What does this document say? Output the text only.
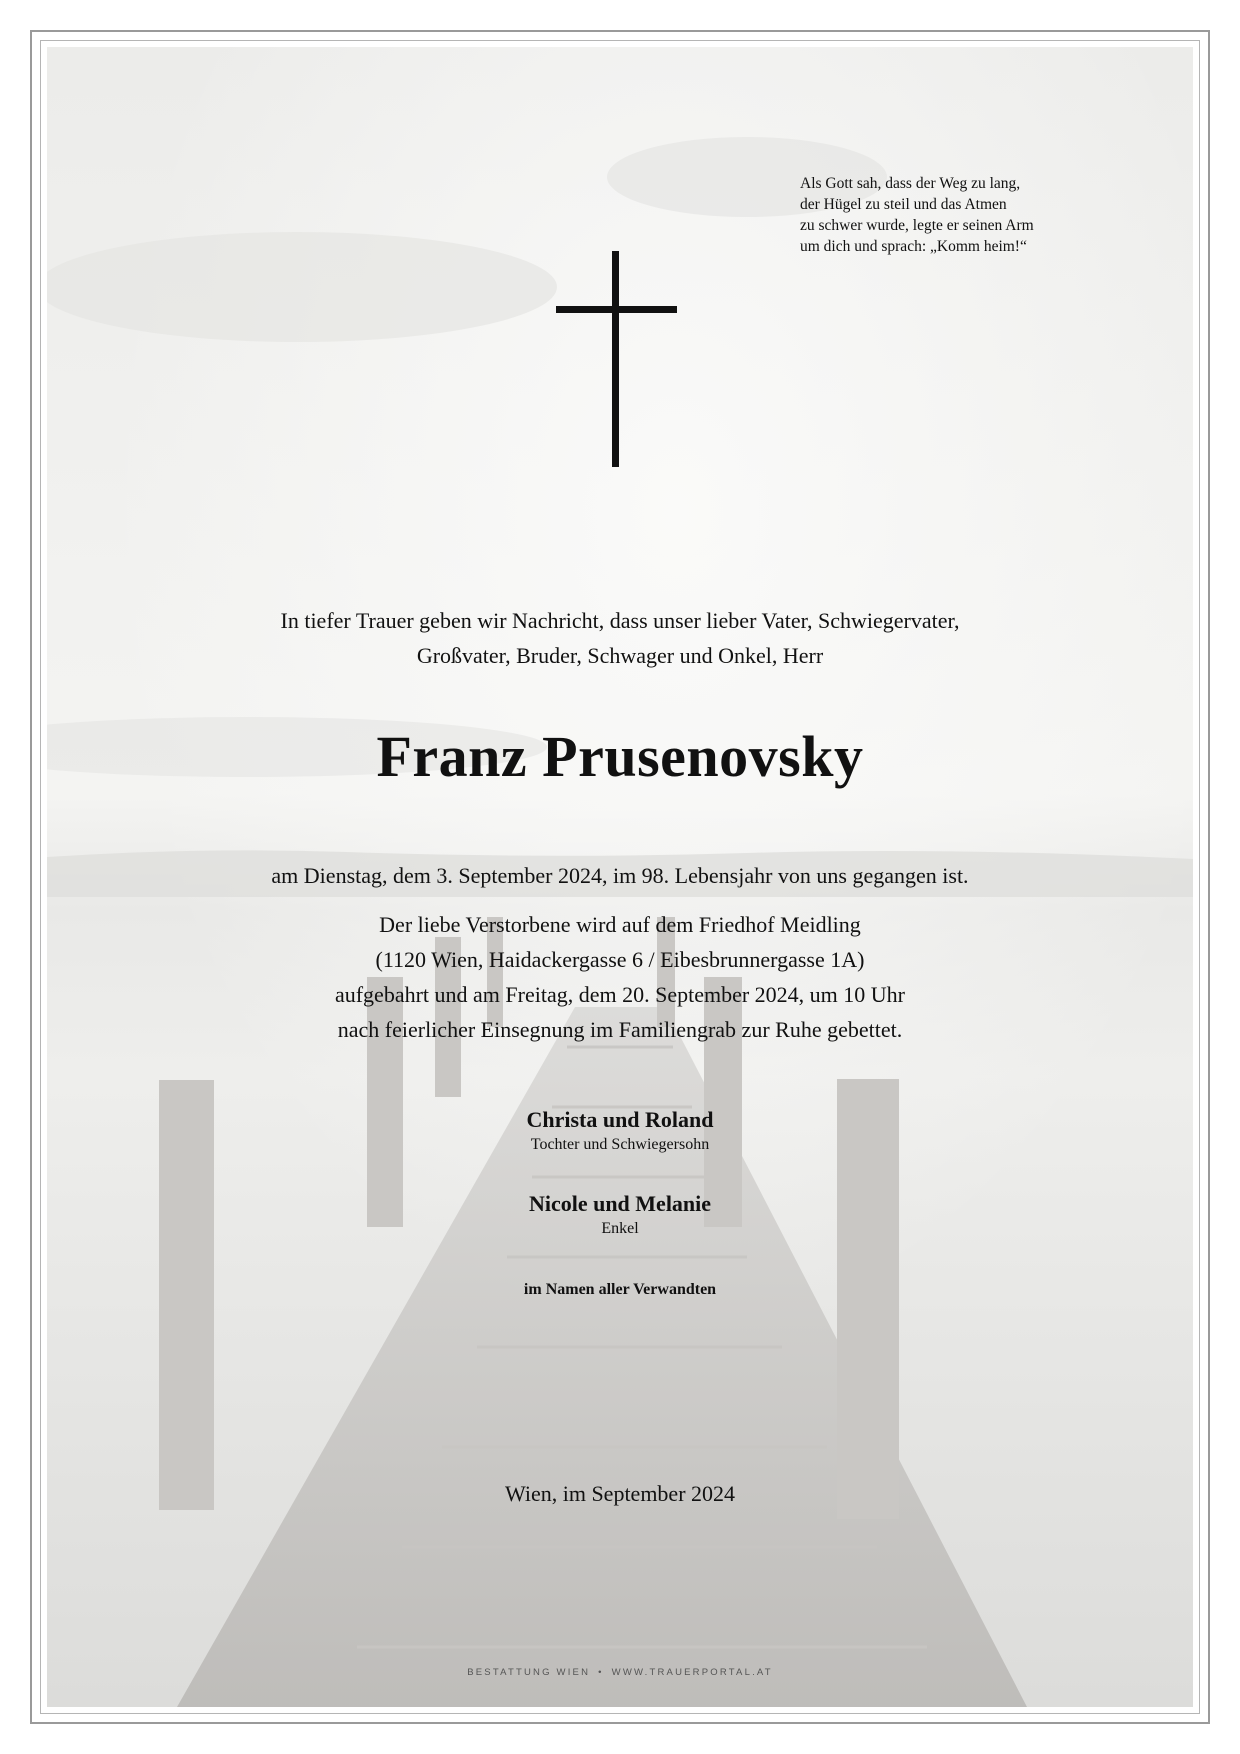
Als Gott sah, dass der Weg zu lang,
der Hügel zu steil und das Atmen
zu schwer wurde, legte er seinen Arm
um dich und sprach: „Komm heim!“
In tiefer Trauer geben wir Nachricht, dass unser lieber Vater, Schwiegervater,
Großvater, Bruder, Schwager und Onkel, Herr
Franz Prusenovsky
am Dienstag, dem 3. September 2024, im 98. Lebensjahr von uns gegangen ist.
Der liebe Verstorbene wird auf dem Friedhof Meidling
(1120 Wien, Haidackergasse 6 / Eibesbrunnergasse 1A)
aufgebahrt und am Freitag, dem 20. September 2024, um 10 Uhr
nach feierlicher Einsegnung im Familiengrab zur Ruhe gebettet.
Christa und Roland
Tochter und Schwiegersohn
Nicole und Melanie
Enkel
im Namen aller Verwandten
Wien, im September 2024
BESTATTUNG WIEN • WWW.TRAUERPORTAL.AT
